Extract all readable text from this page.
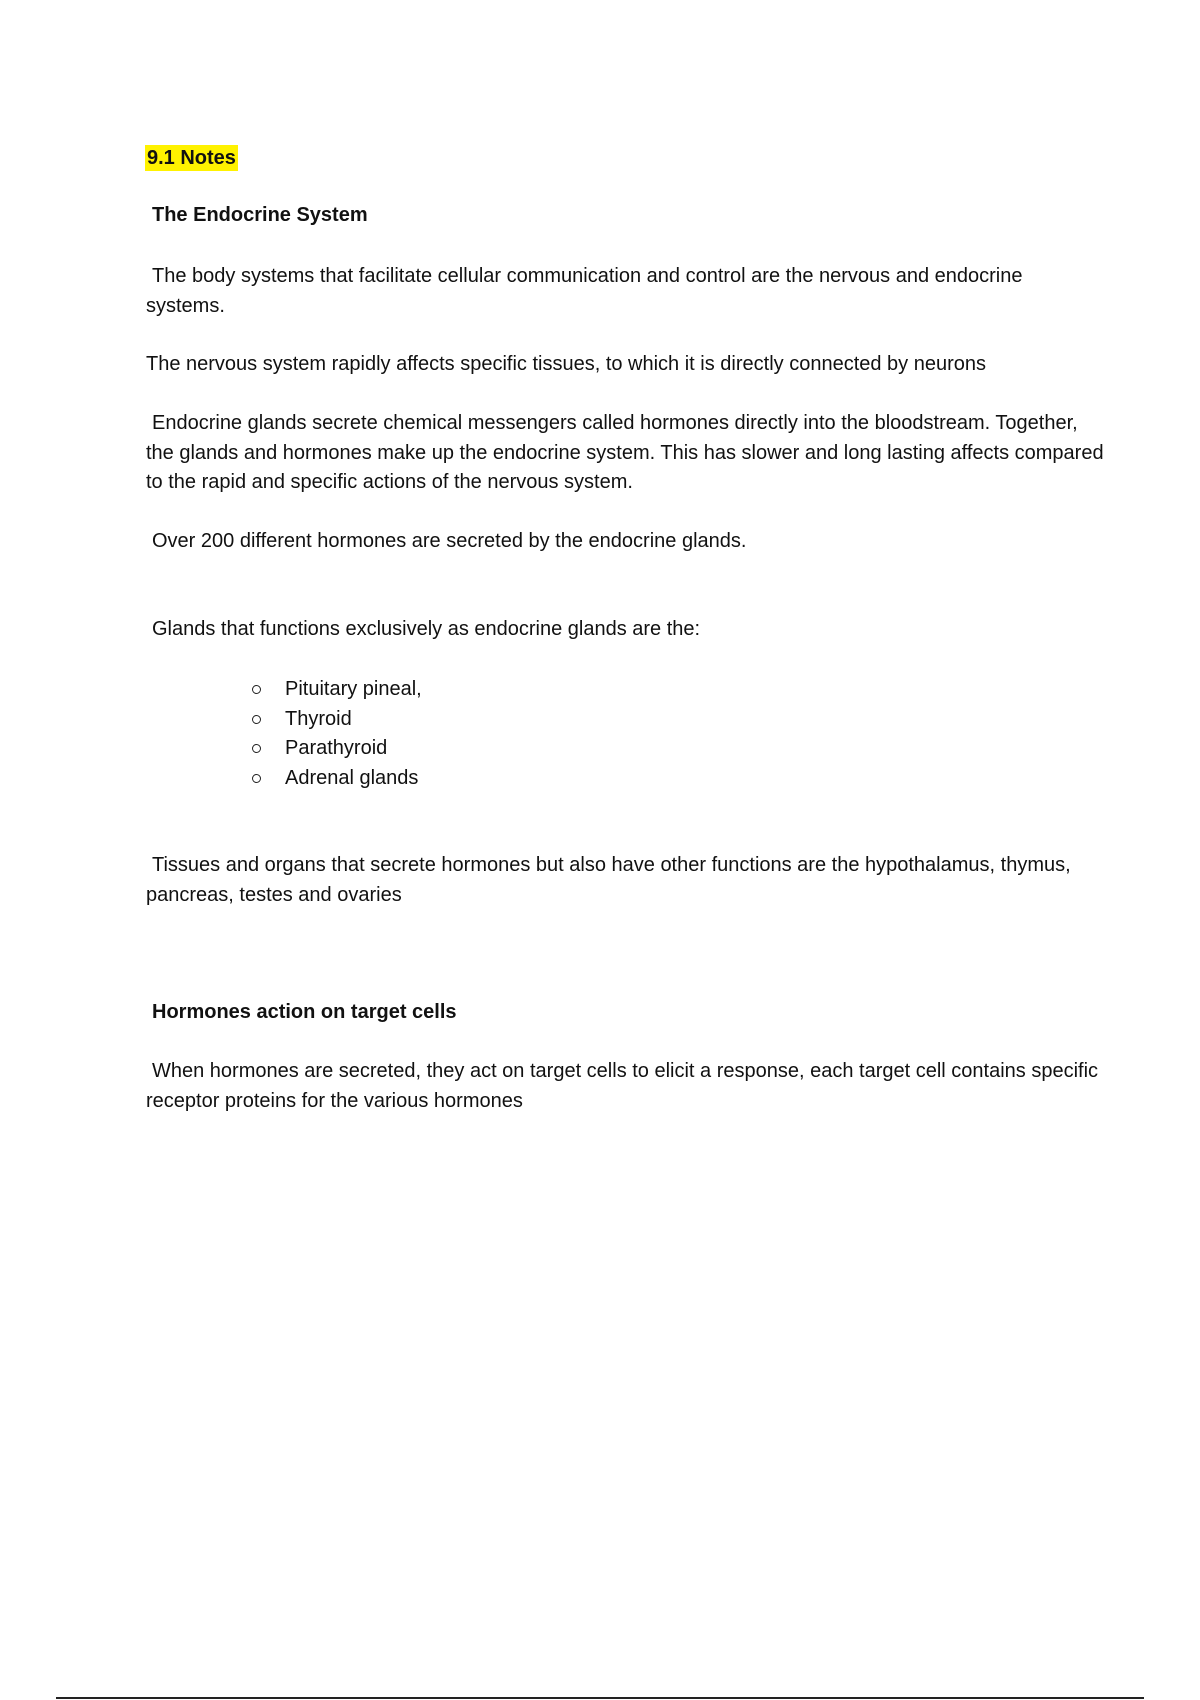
9.1 Notes
The Endocrine System

The body systems that facilitate cellular communication and control are the nervous and endocrine systems.

The nervous system rapidly affects specific tissues, to which it is directly connected by neurons

Endocrine glands secrete chemical messengers called hormones directly into the bloodstream. Together, the glands and hormones make up the endocrine system. This has slower and long lasting affects compared to the rapid and specific actions of the nervous system.

Over 200 different hormones are secreted by the endocrine glands.

Glands that functions exclusively as endocrine glands are the:

Pituitary pineal,
Thyroid
Parathyroid
Adrenal glands

Tissues and organs that secrete hormones but also have other functions are the hypothalamus, thymus, pancreas, testes and ovaries

Hormones action on target cells

When hormones are secreted, they act on target cells to elicit a response, each target cell contains specific receptor proteins for the various hormones
